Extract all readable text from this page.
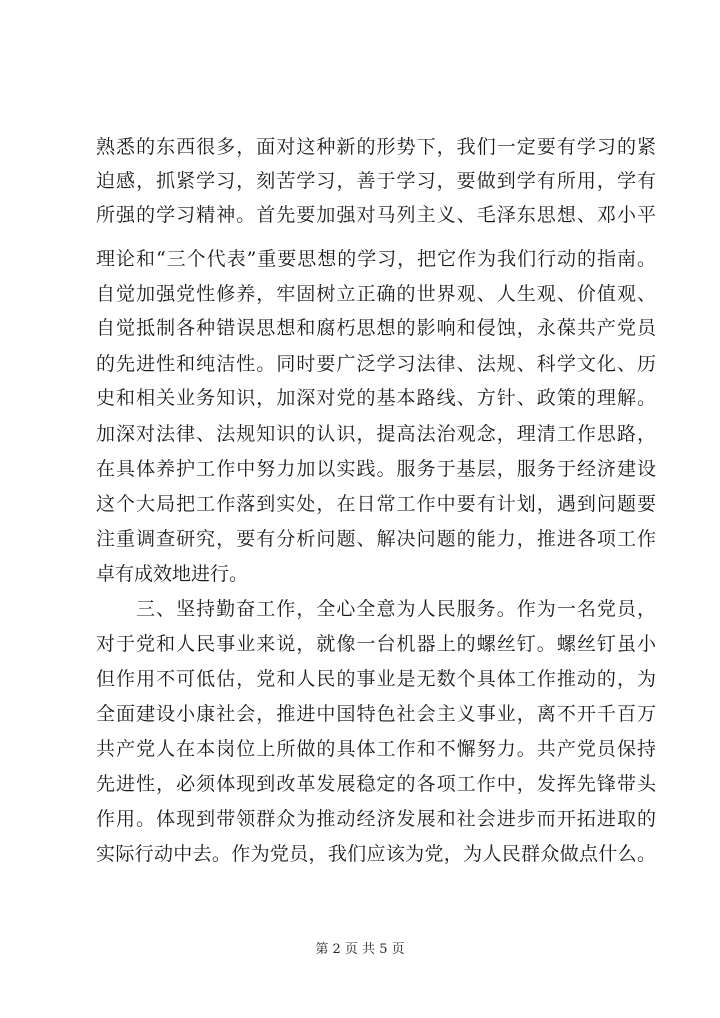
熟悉的东西很多，面对这种新的形势下，我们一定要有学习的紧
迫感，抓紧学习，刻苦学习，善于学习，要做到学有所用，学有
所强的学习精神。首先要加强对马列主义、毛泽东思想、邓小平
理论和“三个代表”重要思想的学习，把它作为我们行动的指南。
自觉加强党性修养，牢固树立正确的世界观、人生观、价值观、
自觉抵制各种错误思想和腐朽思想的影响和侵蚀，永葆共产党员
的先进性和纯洁性。同时要广泛学习法律、法规、科学文化、历
史和相关业务知识，加深对党的基本路线、方针、政策的理解。
加深对法律、法规知识的认识，提高法治观念，理清工作思路，
在具体养护工作中努力加以实践。服务于基层，服务于经济建设
这个大局把工作落到实处，在日常工作中要有计划，遇到问题要
注重调查研究，要有分析问题、解决问题的能力，推进各项工作
卓有成效地进行。
三、坚持勤奋工作，全心全意为人民服务。作为一名党员，
对于党和人民事业来说，就像一台机器上的螺丝钉。螺丝钉虽小
但作用不可低估，党和人民的事业是无数个具体工作推动的，为
全面建设小康社会，推进中国特色社会主义事业，离不开千百万
共产党人在本岗位上所做的具体工作和不懈努力。共产党员保持
先进性，必须体现到改革发展稳定的各项工作中，发挥先锋带头
作用。体现到带领群众为推动经济发展和社会进步而开拓进取的
实际行动中去。作为党员，我们应该为党，为人民群众做点什么。
第 2 页 共 5 页
